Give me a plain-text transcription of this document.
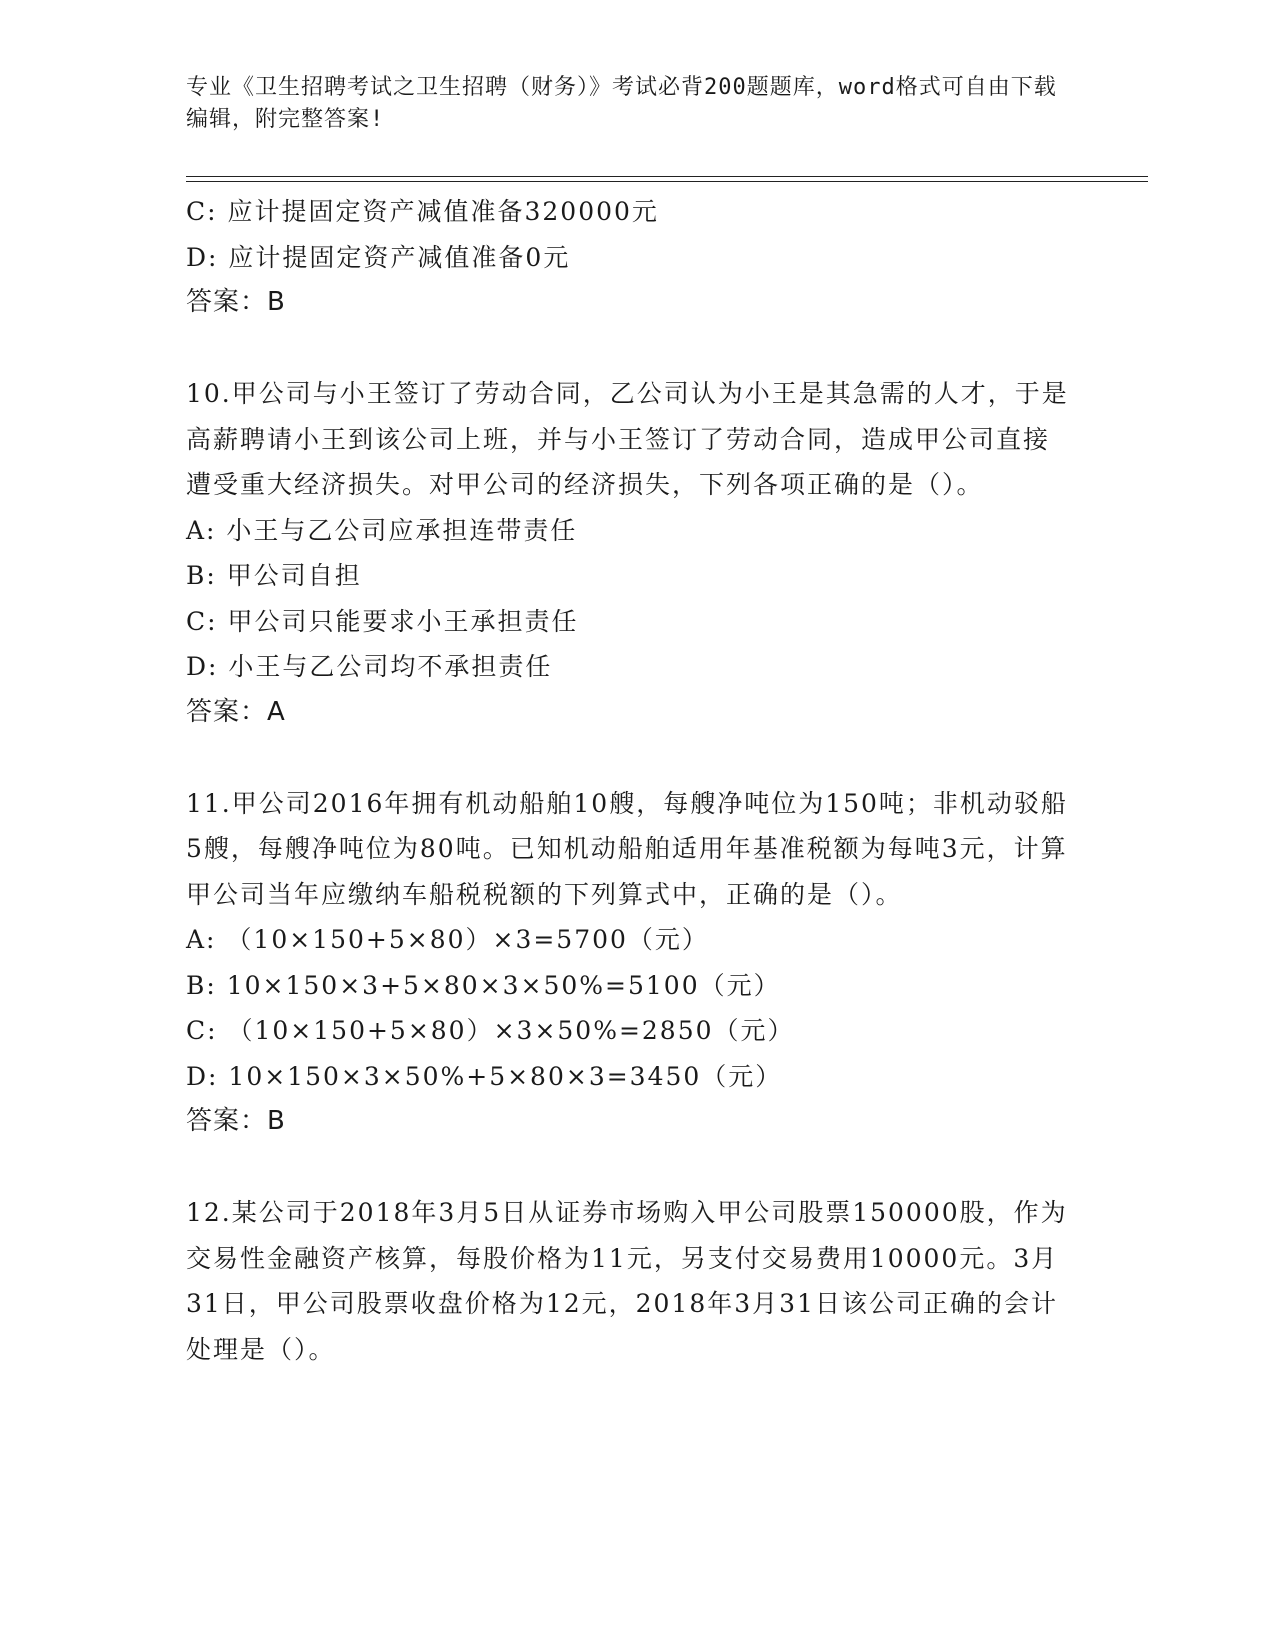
专业《卫生招聘考试之卫生招聘（财务）》考试必背200题题库，word格式可自由下载编辑，附完整答案!

C: 应计提固定资产减值准备320000元

D: 应计提固定资产减值准备0元

答案：B

10.甲公司与小王签订了劳动合同，乙公司认为小王是其急需的人才，于是高薪聘请小王到该公司上班，并与小王签订了劳动合同，造成甲公司直接遭受重大经济损失。对甲公司的经济损失，下列各项正确的是（）。

A: 小王与乙公司应承担连带责任

B: 甲公司自担

C: 甲公司只能要求小王承担责任

D: 小王与乙公司均不承担责任

答案：A

11.甲公司2016年拥有机动船舶10艘，每艘净吨位为150吨；非机动驳船5艘，每艘净吨位为80吨。已知机动船舶适用年基准税额为每吨3元，计算甲公司当年应缴纳车船税税额的下列算式中，正确的是（）。

A: （10×150+5×80）×3=5700（元）

B: 10×150×3+5×80×3×50%=5100（元）

C: （10×150+5×80）×3×50%=2850（元）

D: 10×150×3×50%+5×80×3=3450（元）

答案：B

12.某公司于2018年3月5日从证券市场购入甲公司股票150000股，作为交易性金融资产核算，每股价格为11元，另支付交易费用10000元。3月31日，甲公司股票收盘价格为12元，2018年3月31日该公司正确的会计处理是（）。
